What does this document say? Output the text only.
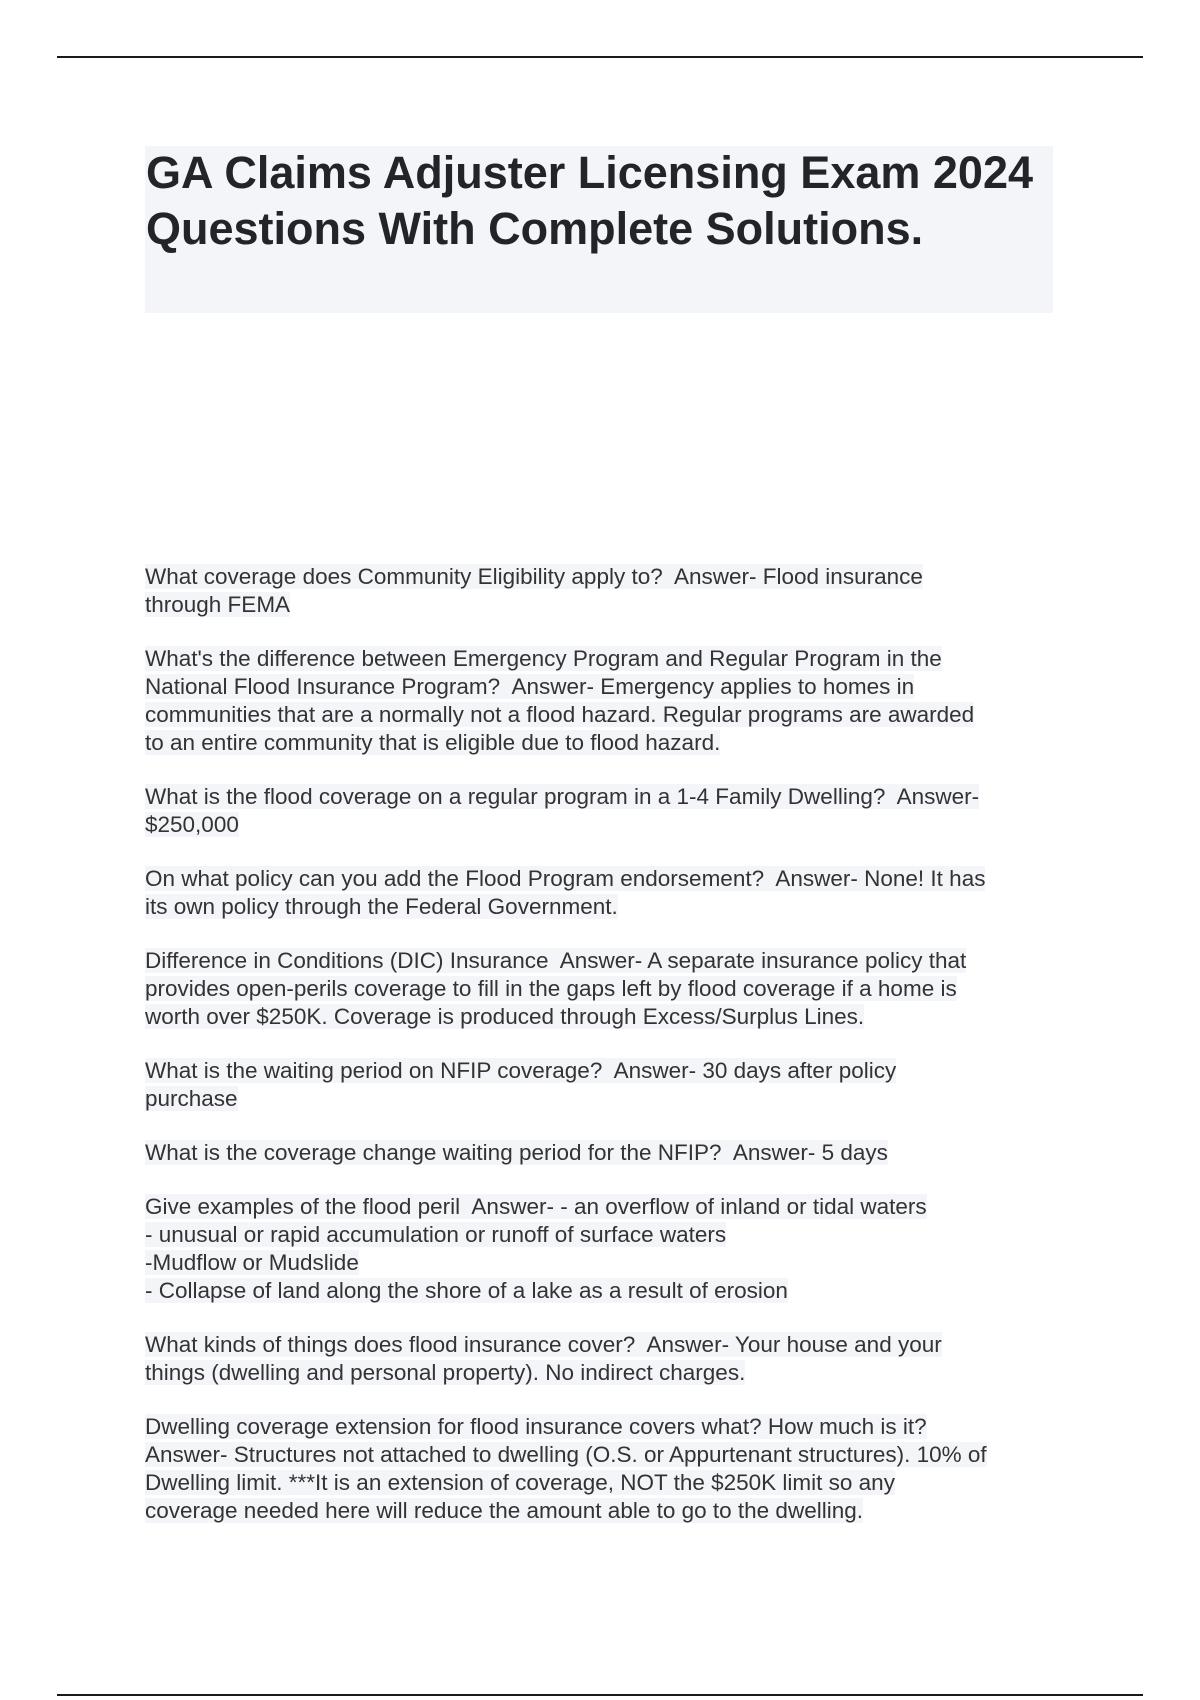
GA Claims Adjuster Licensing Exam 2024 Questions With Complete Solutions.

What coverage does Community Eligibility apply to?  Answer- Flood insurance
through FEMA

What's the difference between Emergency Program and Regular Program in the
National Flood Insurance Program?  Answer- Emergency applies to homes in
communities that are a normally not a flood hazard. Regular programs are awarded
to an entire community that is eligible due to flood hazard.

What is the flood coverage on a regular program in a 1-4 Family Dwelling?  Answer-
$250,000

On what policy can you add the Flood Program endorsement?  Answer- None! It has
its own policy through the Federal Government.

Difference in Conditions (DIC) Insurance  Answer- A separate insurance policy that
provides open-perils coverage to fill in the gaps left by flood coverage if a home is
worth over $250K. Coverage is produced through Excess/Surplus Lines.

What is the waiting period on NFIP coverage?  Answer- 30 days after policy
purchase

What is the coverage change waiting period for the NFIP?  Answer- 5 days

Give examples of the flood peril  Answer- - an overflow of inland or tidal waters
- unusual or rapid accumulation or runoff of surface waters
-Mudflow or Mudslide
- Collapse of land along the shore of a lake as a result of erosion

What kinds of things does flood insurance cover?  Answer- Your house and your
things (dwelling and personal property). No indirect charges.

Dwelling coverage extension for flood insurance covers what? How much is it?
Answer- Structures not attached to dwelling (O.S. or Appurtenant structures). 10% of
Dwelling limit. ***It is an extension of coverage, NOT the $250K limit so any
coverage needed here will reduce the amount able to go to the dwelling.
